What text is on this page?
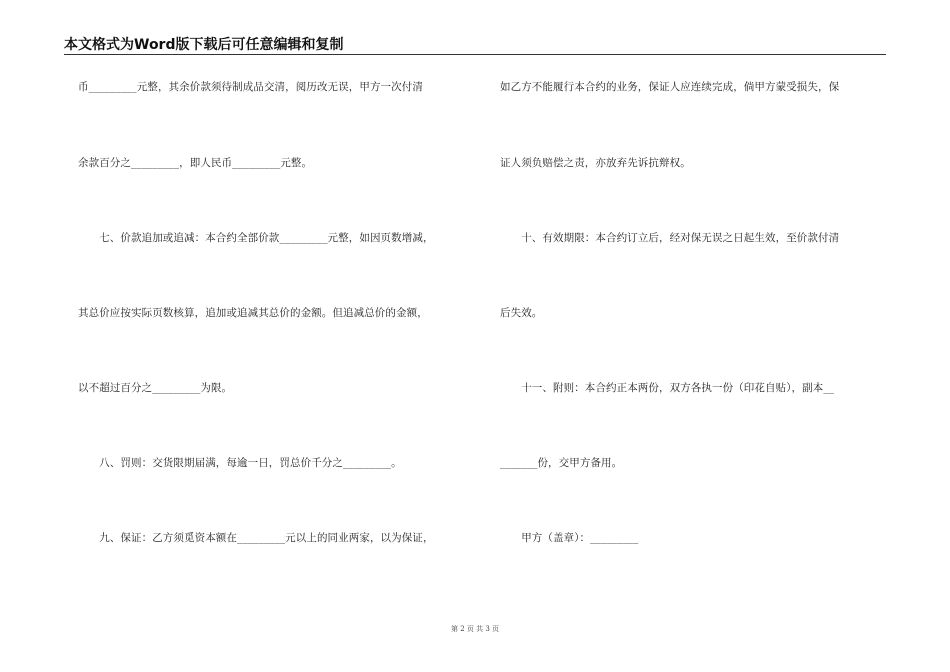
本文格式为Word版下载后可任意编辑和复制
币_________元整，其余价款须待制成品交清，阅历改无误，甲方一次付清
余款百分之_________，即人民币_________元整。
　　七、价款追加或追减：本合约全部价款_________元整，如因页数增减，
其总价应按实际页数核算，追加或追减其总价的金额。但追减总价的金额，
以不超过百分之_________为限。
　　八、罚则：交货限期届满，每逾一日，罚总价千分之_________。
　　九、保证：乙方须觅资本额在_________元以上的同业两家，以为保证，
如乙方不能履行本合约的业务，保证人应连续完成，倘甲方蒙受损失，保
证人须负赔偿之责，亦放弃先诉抗辩权。
　　十、有效期限：本合约订立后，经对保无误之日起生效，至价款付清
后失效。
　　十一、附则：本合约正本两份，双方各执一份（印花自贴），副本__
_______份，交甲方备用。
　　甲方（盖章）：_________
第 2 页 共 3 页
